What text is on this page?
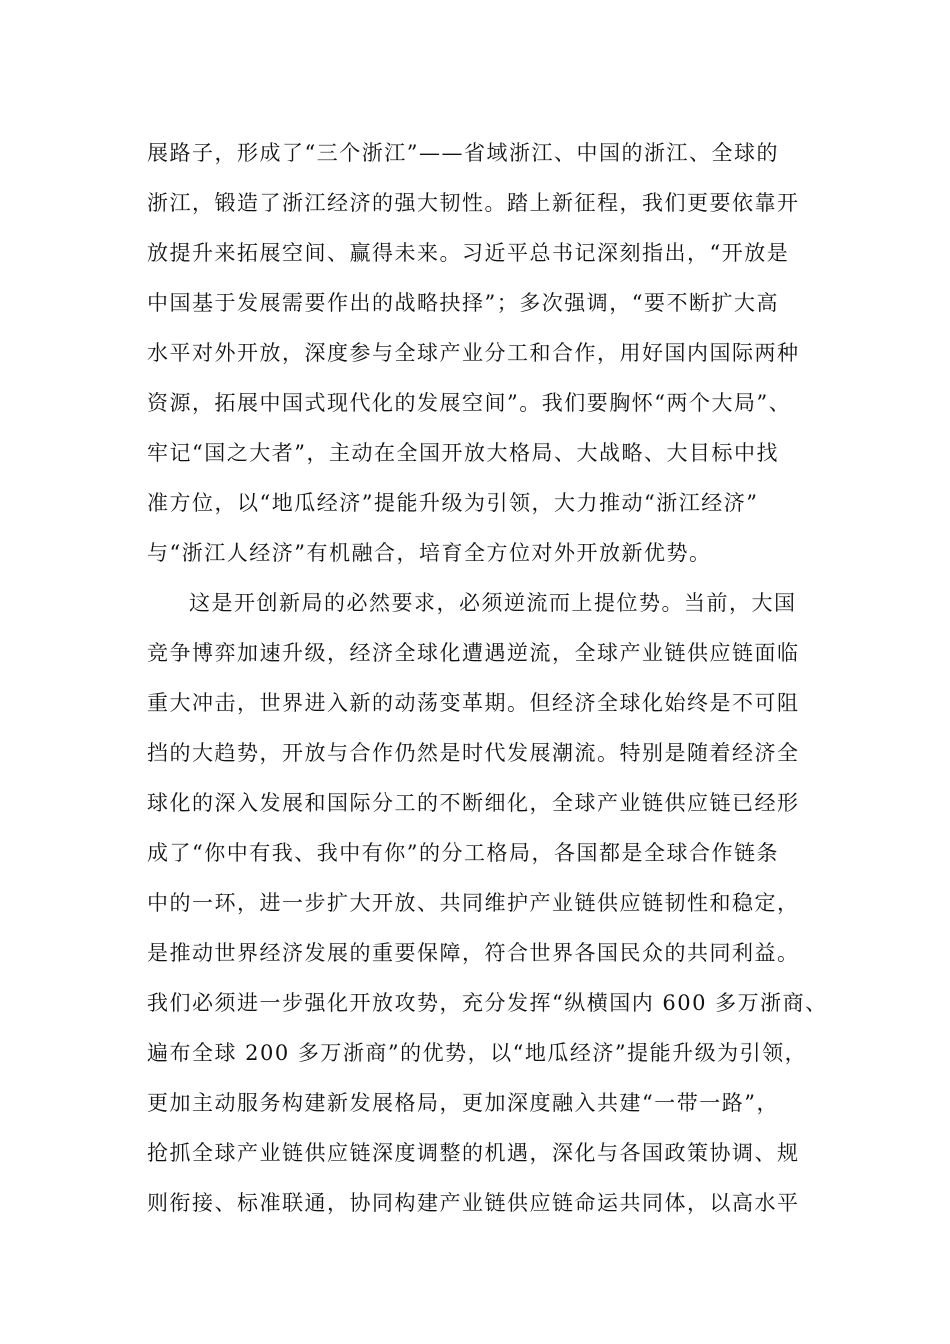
展路子，形成了“三个浙江”——省域浙江、中国的浙江、全球的
浙江，锻造了浙江经济的强大韧性。踏上新征程，我们更要依靠开
放提升来拓展空间、赢得未来。习近平总书记深刻指出，“开放是
中国基于发展需要作出的战略抉择”；多次强调，“要不断扩大高
水平对外开放，深度参与全球产业分工和合作，用好国内国际两种
资源，拓展中国式现代化的发展空间”。我们要胸怀“两个大局”、
牢记“国之大者”，主动在全国开放大格局、大战略、大目标中找
准方位，以“地瓜经济”提能升级为引领，大力推动“浙江经济”
与“浙江人经济”有机融合，培育全方位对外开放新优势。
这是开创新局的必然要求，必须逆流而上提位势。当前，大国
竞争博弈加速升级，经济全球化遭遇逆流，全球产业链供应链面临
重大冲击，世界进入新的动荡变革期。但经济全球化始终是不可阻
挡的大趋势，开放与合作仍然是时代发展潮流。特别是随着经济全
球化的深入发展和国际分工的不断细化，全球产业链供应链已经形
成了“你中有我、我中有你”的分工格局，各国都是全球合作链条
中的一环，进一步扩大开放、共同维护产业链供应链韧性和稳定，
是推动世界经济发展的重要保障，符合世界各国民众的共同利益。
我们必须进一步强化开放攻势，充分发挥“纵横国内 600 多万浙商、
遍布全球 200 多万浙商”的优势，以“地瓜经济”提能升级为引领，
更加主动服务构建新发展格局，更加深度融入共建“一带一路”，
抢抓全球产业链供应链深度调整的机遇，深化与各国政策协调、规
则衔接、标准联通，协同构建产业链供应链命运共同体，以高水平
